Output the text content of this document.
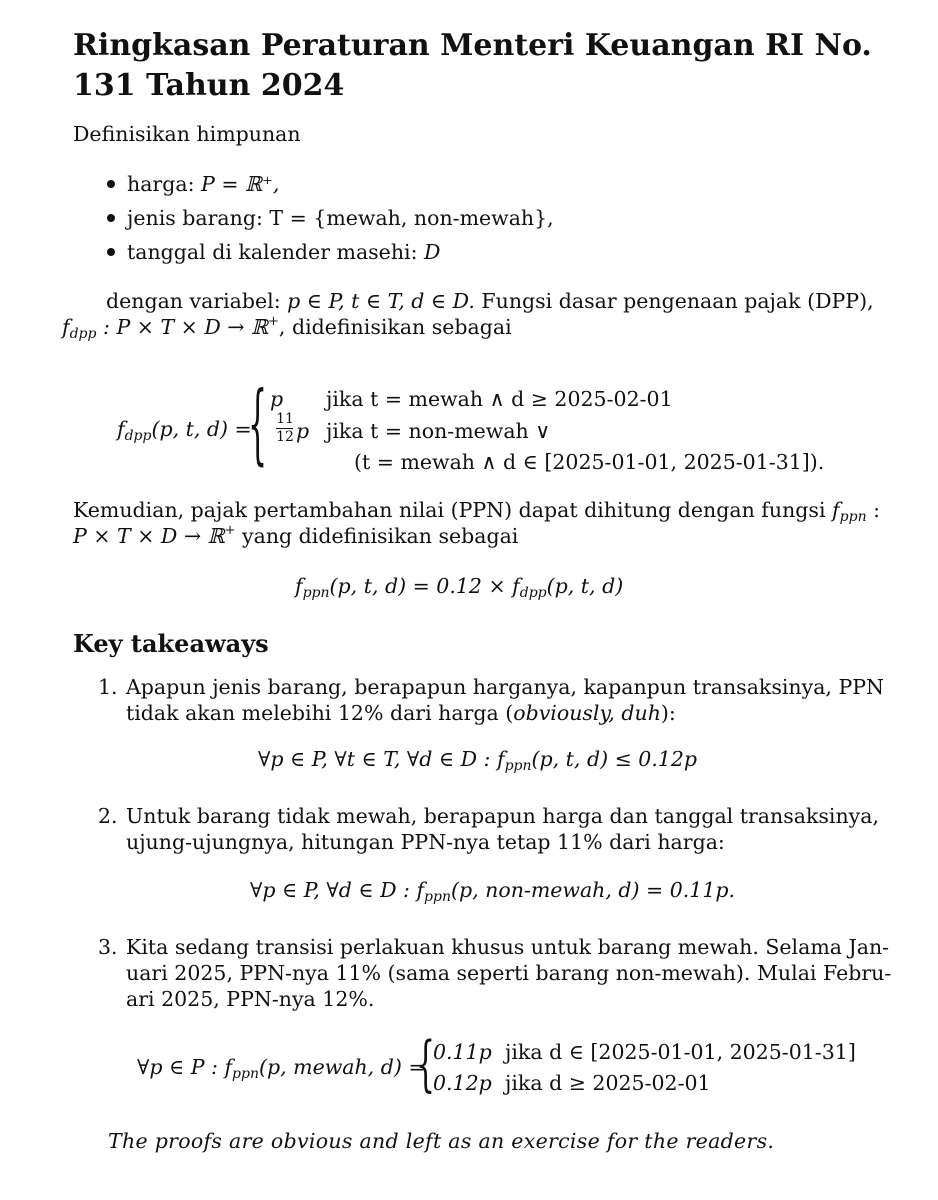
Ringkasan Peraturan Menteri Keuangan RI No. 131 Tahun 2024
Definisikan himpunan
harga: P = ℝ⁺,
jenis barang: T = {mewah, non-mewah},
tanggal di kalender masehi: D
dengan variabel: p ∈ P, t ∈ T, d ∈ D. Fungsi dasar pengenaan pajak (DPP),
fdpp : P × T × D → ℝ+, didefinisikan sebagai
fdpp(p, t, d) =
{ p jika t = mewah ∧ d ≥ 2025-02-01
11
12 p jika t = non-mewah ∨
(t = mewah ∧ d ∈ [2025-01-01, 2025-01-31]).
Kemudian, pajak pertambahan nilai (PPN) dapat dihitung dengan fungsi fppn :
P × T × D → ℝ+ yang didefinisikan sebagai
fppn(p, t, d) = 0.12 × fdpp(p, t, d)
Key takeaways
1. Apapun jenis barang, berapapun harganya, kapanpun transaksinya, PPN
tidak akan melebihi 12% dari harga (obviously, duh):
∀p ∈ P, ∀t ∈ T, ∀d ∈ D : fppn(p, t, d) ≤ 0.12p
2. Untuk barang tidak mewah, berapapun harga dan tanggal transaksinya,
ujung-ujungnya, hitungan PPN-nya tetap 11% dari harga:
∀p ∈ P, ∀d ∈ D : fppn(p, non-mewah, d) = 0.11p.
3. Kita sedang transisi perlakuan khusus untuk barang mewah. Selama Jan-
uari 2025, PPN-nya 11% (sama seperti barang non-mewah). Mulai Febru-
ari 2025, PPN-nya 12%.
∀p ∈ P : fppn(p, mewah, d) =
{
0.11p jika d ∈ [2025-01-01, 2025-01-31]
0.12p jika d ≥ 2025-02-01
The proofs are obvious and left as an exercise for the readers.
